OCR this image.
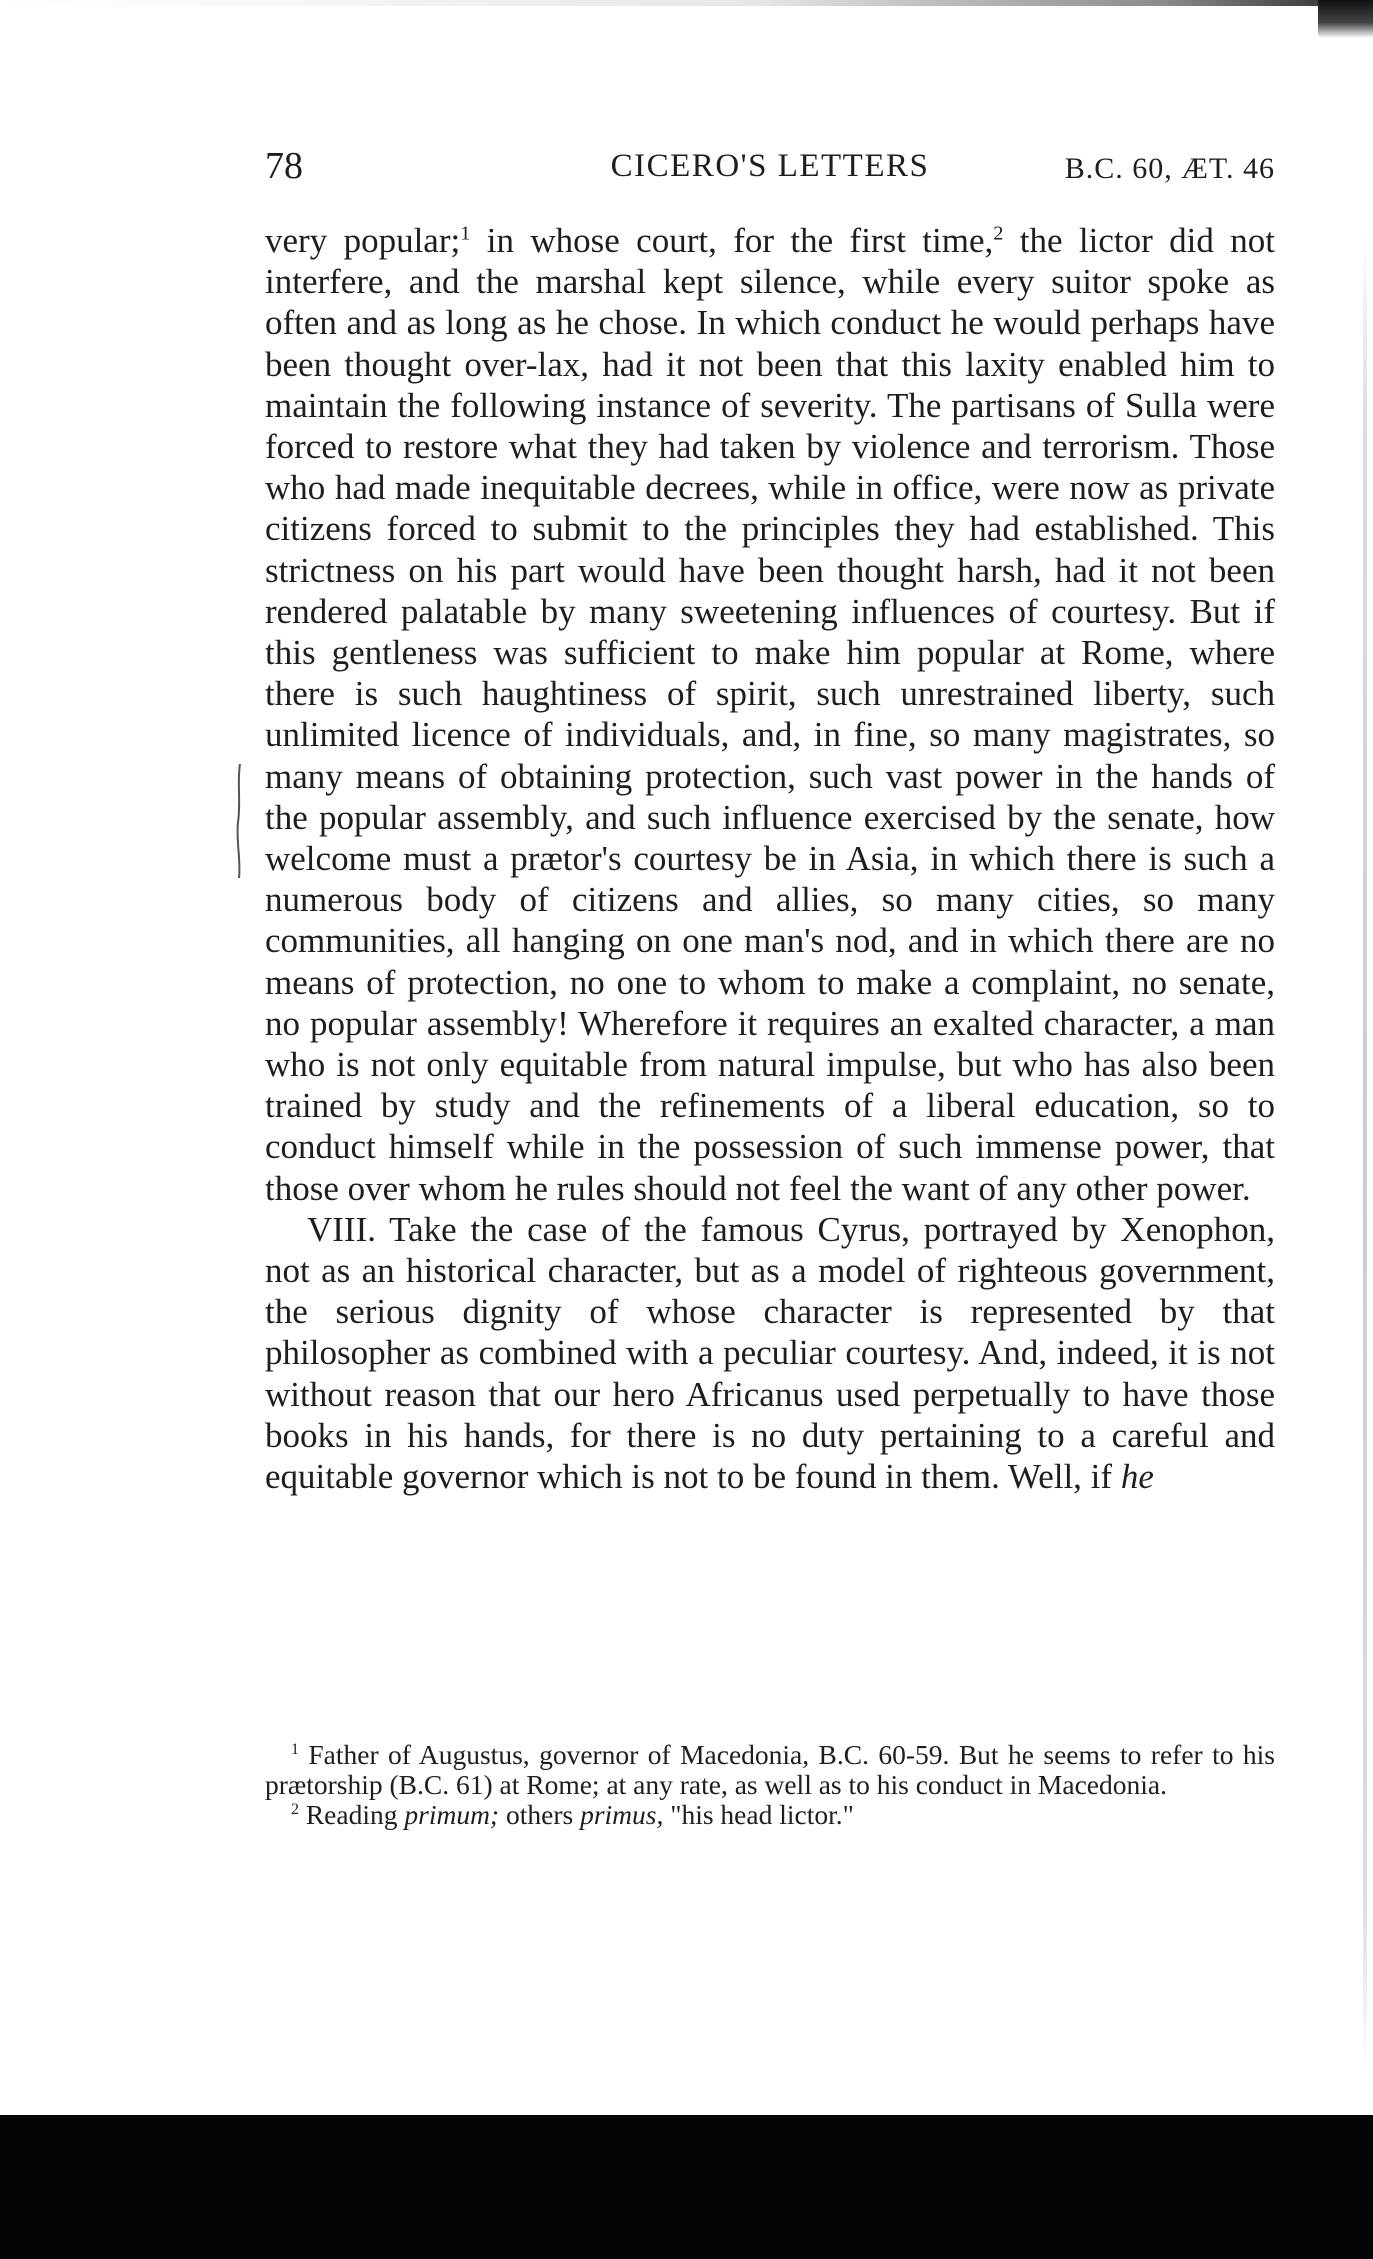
78	CICERO'S LETTERS	B.C. 60, ÆT. 46

very popular;$^1$ in whose court, for the first time,$^2$ the lictor did not interfere, and the marshal kept silence, while every suitor spoke as often and as long as he chose. In which conduct he would perhaps have been thought over-lax, had it not been that this laxity enabled him to maintain the following instance of severity. The partisans of Sulla were forced to restore what they had taken by violence and terrorism. Those who had made inequitable decrees, while in office, were now as private citizens forced to submit to the principles they had established. This strictness on his part would have been thought harsh, had it not been rendered palatable by many sweetening influences of courtesy. But if this gentleness was sufficient to make him popular at Rome, where there is such haughtiness of spirit, such unrestrained liberty, such unlimited licence of individuals, and, in fine, so many magistrates, so many means of obtaining protection, such vast power in the hands of the popular assembly, and such influence exercised by the senate, how welcome must a prætor's courtesy be in Asia, in which there is such a numerous body of citizens and allies, so many cities, so many communities, all hanging on one man's nod, and in which there are no means of protection, no one to whom to make a complaint, no senate, no popular assembly! Wherefore it requires an exalted character, a man who is not only equitable from natural impulse, but who has also been trained by study and the refinements of a liberal education, so to conduct himself while in the possession of such immense power, that those over whom he rules should not feel the want of any other power.

VIII. Take the case of the famous Cyrus, portrayed by Xenophon, not as an historical character, but as a model of righteous government, the serious dignity of whose character is represented by that philosopher as combined with a peculiar courtesy. And, indeed, it is not without reason that our hero Africanus used perpetually to have those books in his hands, for there is no duty pertaining to a careful and equitable governor which is not to be found in them. Well, if he

$^1$ Father of Augustus, governor of Macedonia, B.C. 60-59. But he seems to refer to his prætorship (B.C. 61) at Rome; at any rate, as well as to his conduct in Macedonia.

$^2$ Reading primum; others primus, "his head lictor."
